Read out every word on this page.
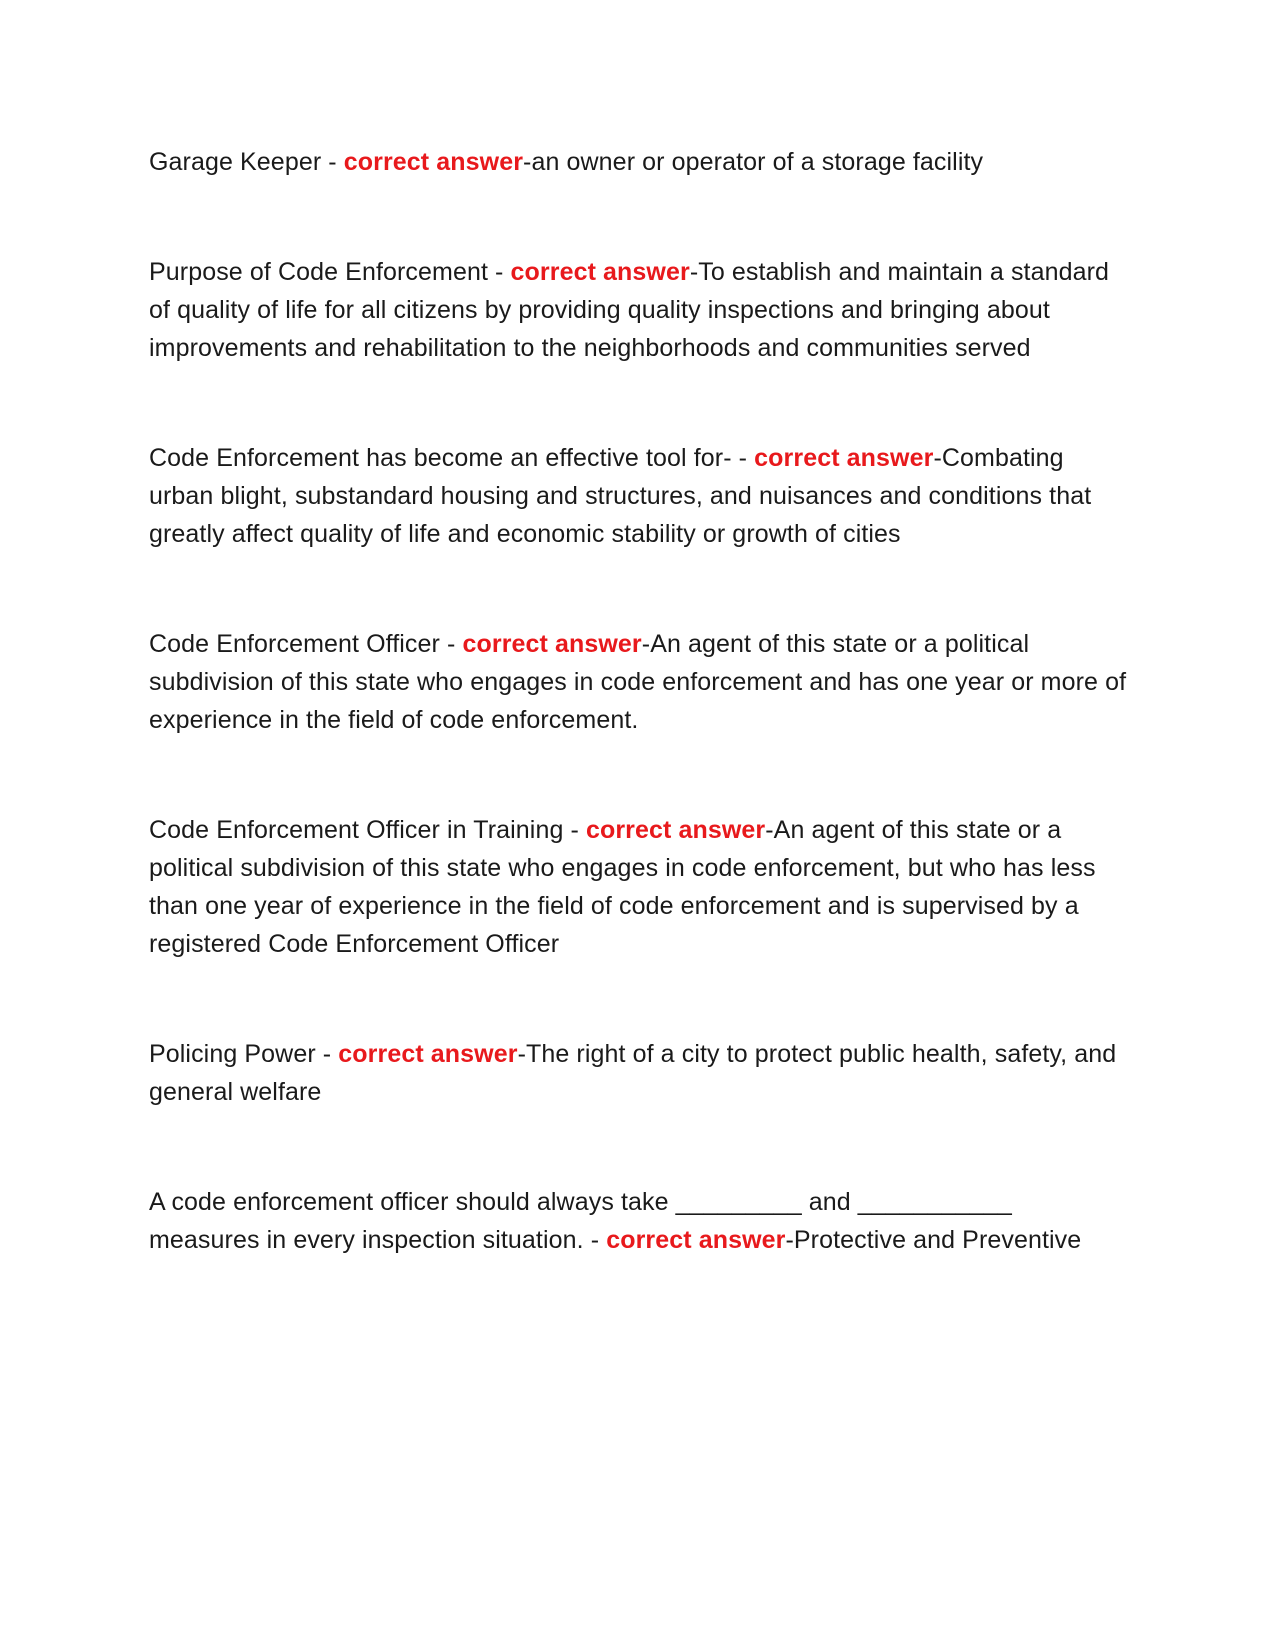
Garage Keeper - correct answer-an owner or operator of a storage facility

Purpose of Code Enforcement - correct answer-To establish and maintain a standard of quality of life for all citizens by providing quality inspections and bringing about improvements and rehabilitation to the neighborhoods and communities served

Code Enforcement has become an effective tool for- - correct answer-Combating urban blight, substandard housing and structures, and nuisances and conditions that greatly affect quality of life and economic stability or growth of cities

Code Enforcement Officer - correct answer-An agent of this state or a political subdivision of this state who engages in code enforcement and has one year or more of experience in the field of code enforcement.

Code Enforcement Officer in Training - correct answer-An agent of this state or a political subdivision of this state who engages in code enforcement, but who has less than one year of experience in the field of code enforcement and is supervised by a registered Code Enforcement Officer

Policing Power - correct answer-The right of a city to protect public health, safety, and general welfare

A code enforcement officer should always take _________ and ___________ measures in every inspection situation. - correct answer-Protective and Preventive
